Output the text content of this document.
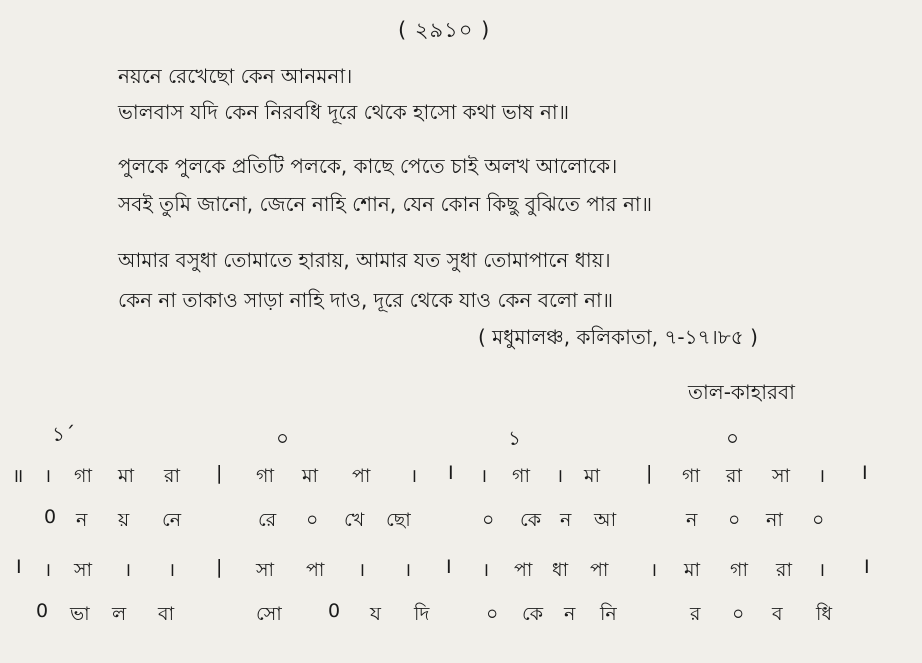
( ২৯১০ )
নয়নে রেখেছো কেন আনমনা।
ভালবাস যদি কেন নিরবধি দূরে থেকে হাসো কথা ভাষ না॥
পুলকে পুলকে প্রতিটি পলকে, কাছে পেতে চাই অলখ আলোকে।
সবই তুমি জানো, জেনে নাহি শোন, যেন কোন কিছু বুঝিতে পার না॥
আমার বসুধা তোমাতে হারায়, আমার যত সুধা তোমাপানে ধায়।
কেন না তাকাও সাড়া নাহি দাও, দূরে থেকে যাও কেন বলো না॥
( মধুমালঞ্চ, কলিকাতা, ৭-১৭।৮৫ )
তাল-কাহারবা
১´	০	১	০
॥ । গা মা রা | গা মা পা । I । গা । মা | গা রা সা । I
0 ন য় নে	রে ০ খে ছো	০ কে ন আ	ন ০ না ০
I । সা । । | সা পা । । I । পা ধা পা । মা গা রা । I
0 ভা ল বা	সো 0 য দি	০ কে ন নি	র ০ ব ধি
